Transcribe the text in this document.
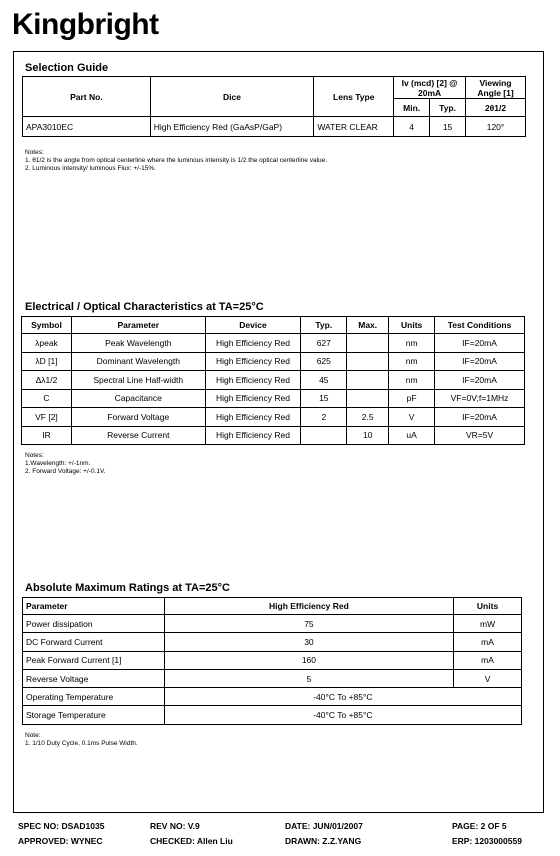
Kingbright
Selection Guide
Part No.	Dice	Lens Type	Iv (mcd) [2] @ 20mA		Viewing Angle [1]
			Min.	Typ.	2θ1/2
APA3010EC	High Efficiency Red (GaAsP/GaP)	WATER CLEAR	4	15	120°
Notes:
1. θ1/2 is the angle from optical centerline where the luminous intensity is 1/2 the optical centerline value.
2. Luminous intensity/ luminous Flux: +/-15%.
Electrical / Optical Characteristics at TA=25°C
Symbol	Parameter	Device	Typ.	Max.	Units	Test Conditions
λpeak	Peak Wavelength	High Efficiency Red	627		nm	IF=20mA
λD [1]	Dominant Wavelength	High Efficiency Red	625		nm	IF=20mA
Δλ1/2	Spectral Line Half-width	High Efficiency Red	45		nm	IF=20mA
C	Capacitance	High Efficiency Red	15		pF	VF=0V;f=1MHz
VF [2]	Forward Voltage	High Efficiency Red	2	2.5	V	IF=20mA
IR	Reverse Current	High Efficiency Red		10	uA	VR=5V
Notes:
1.Wavelength: +/-1nm.
2. Forward Voltage: +/-0.1V.
Absolute Maximum Ratings at TA=25°C
Parameter	High Efficiency Red	Units
Power dissipation	75	mW
DC Forward Current	30	mA
Peak Forward Current [1]	160	mA
Reverse Voltage	5	V
Operating Temperature	-40°C To +85°C	
Storage Temperature	-40°C To +85°C	
Note:
1. 1/10 Duty Cycle, 0.1ms Pulse Width.
SPEC NO: DSAD1035	REV NO: V.9	DATE: JUN/01/2007	PAGE: 2 OF 5
APPROVED: WYNEC	CHECKED: Allen Liu	DRAWN: Z.Z.YANG	ERP: 1203000559
